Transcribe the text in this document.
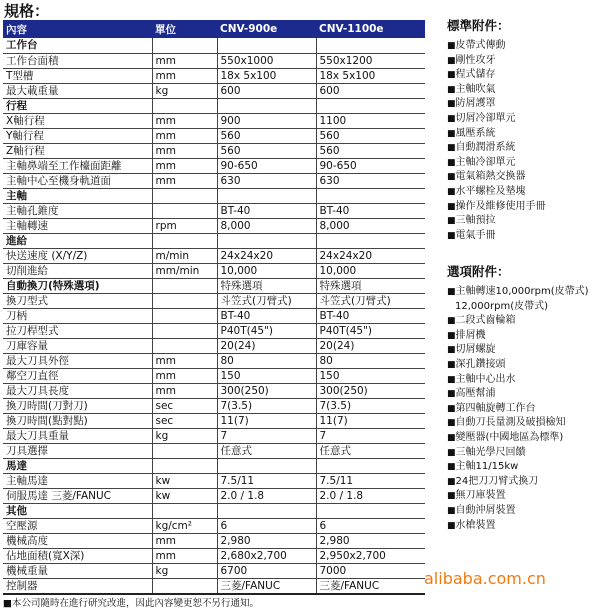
規格：
內容	單位	CNV-900e	CNV-1100e
工作台			
工作台面積	mm	550x1000	550x1200
T型槽	mm	18x 5x100	18x 5x100
最大載重量	kg	600	600
行程			
X軸行程	mm	900	1100
Y軸行程	mm	560	560
Z軸行程	mm	560	560
主軸鼻端至工作檯面距離	mm	90-650	90-650
主軸中心至機身軌道面	mm	630	630
主軸			
主軸孔錐度		BT-40	BT-40
主軸轉速	rpm	8,000	8,000
進給			
快送速度 (X/Y/Z)	m/min	24x24x20	24x24x20
切削進給	mm/min	10,000	10,000
自動換刀(特殊選項)		特殊選項	特殊選項
換刀型式		斗笠式(刀臂式)	斗笠式(刀臂式)
刀柄		BT-40	BT-40
拉刀桿型式		P40T(45")	P40T(45")
刀庫容量		20(24)	20(24)
最大刀具外徑	mm	80	80
鄰空刀直徑	mm	150	150
最大刀具長度	mm	300(250)	300(250)
換刀時間(刀對刀)	sec	7(3.5)	7(3.5)
換刀時間(點對點)	sec	11(7)	11(7)
最大刀具重量	kg	7	7
刀具選擇		任意式	任意式
馬達			
主軸馬達	kw	7.5/11	7.5/11
伺服馬達 三菱/FANUC	kw	2.0 / 1.8	2.0 / 1.8
其他			
空壓源	kg/cm²	6	6
機械高度	mm	2,980	2,980
佔地面積(寬X深)	mm	2,680x2,700	2,950x2,700
機械重量	kg	6700	7000
控制器		三菱/FANUC	三菱/FANUC
■本公司隨時在進行研究改進，因此內容變更恕不另行通知。
標準附件：
■ 皮帶式傳動
■ 剛性攻牙
■ 程式儲存
■ 主軸吹氣
■ 防屑護罩
■ 切屑冷卻單元
■ 風壓系統
■ 自動潤滑系統
■ 主軸冷卻單元
■ 電氣箱熱交換器
■ 水平螺栓及墊塊
■ 操作及維修使用手冊
■ 三軸預拉
■ 電氣手冊
選項附件：
■ 主軸轉速10,000rpm(皮帶式)
12,000rpm(皮帶式)
■ 二段式齒輪箱
■ 排屑機
■ 切屑螺旋
■ 深孔鑽接頭
■ 主軸中心出水
■ 高壓幫浦
■ 第四軸旋轉工作台
■ 自動刀長量測及破損檢知
■ 變壓器(中國地區為標準)
■ 三軸光學尺回饋
■ 主軸11/15kw
■ 24把刀刀臂式換刀
■ 無刀庫裝置
■ 自動沖屑裝置
■ 水槍裝置
alibaba.com.cn
